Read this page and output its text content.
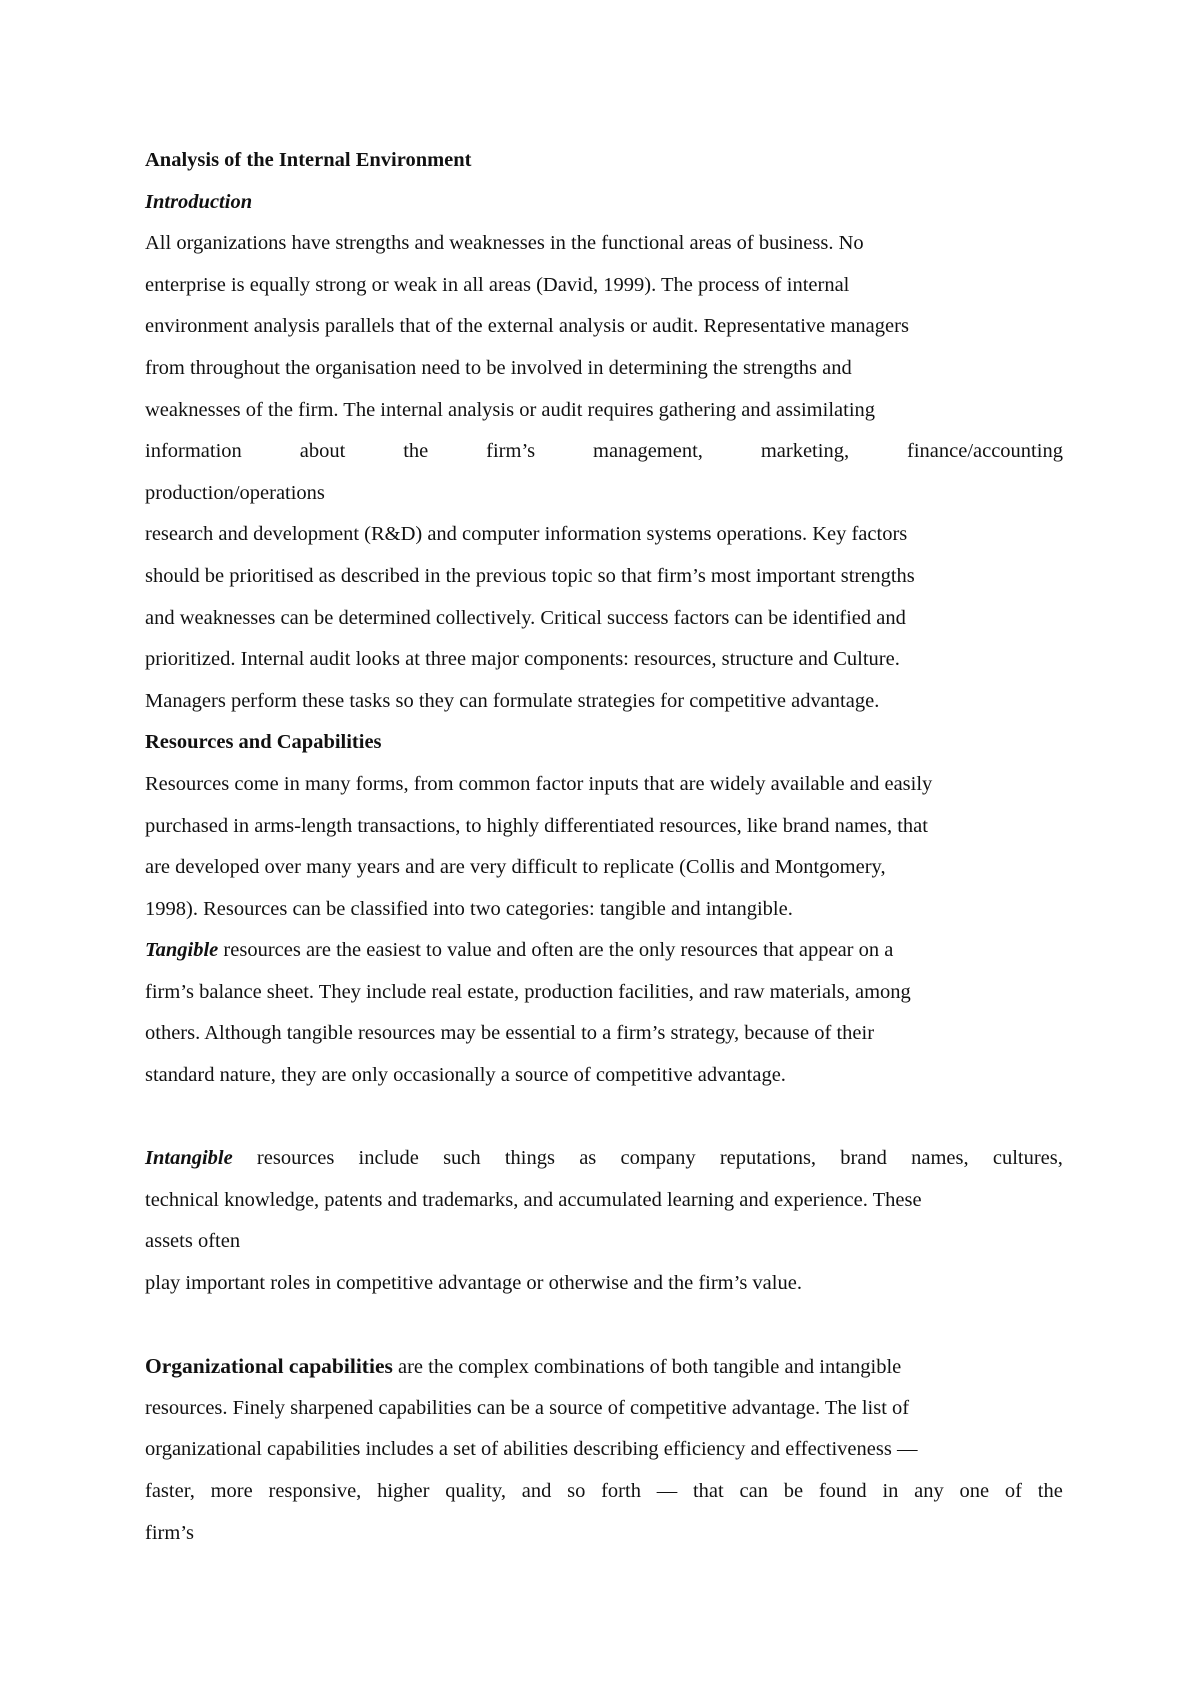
Analysis of the Internal Environment
Introduction
All organizations have strengths and weaknesses in the functional areas of business. No
enterprise is equally strong or weak in all areas (David, 1999). The process of internal
environment analysis parallels that of the external analysis or audit. Representative managers
from throughout the organisation need to be involved in determining the strengths and
weaknesses of the firm. The internal analysis or audit requires gathering and assimilating
information	about	the	firm’s	management,	marketing,	finance/accounting
production/operations
research and development (R&D) and computer information systems operations. Key factors
should be prioritised as described in the previous topic so that firm’s most important strengths
and weaknesses can be determined collectively. Critical success factors can be identified and
prioritized. Internal audit looks at three major components: resources, structure and Culture.
Managers perform these tasks so they can formulate strategies for competitive advantage.
Resources and Capabilities
Resources come in many forms, from common factor inputs that are widely available and easily
purchased in arms-length transactions, to highly differentiated resources, like brand names, that
are developed over many years and are very difficult to replicate (Collis and Montgomery,
1998). Resources can be classified into two categories: tangible and intangible.
Tangible resources are the easiest to value and often are the only resources that appear on a
firm’s balance sheet. They include real estate, production facilities, and raw materials, among
others. Although tangible resources may be essential to a firm’s strategy, because of their
standard nature, they are only occasionally a source of competitive advantage.
Intangible resources include such things as company reputations, brand names, cultures,
technical knowledge, patents and trademarks, and accumulated learning and experience. These
assets often
play important roles in competitive advantage or otherwise and the firm’s value.
Organizational capabilities are the complex combinations of both tangible and intangible
resources. Finely sharpened capabilities can be a source of competitive advantage. The list of
organizational capabilities includes a set of abilities describing efficiency and effectiveness —
faster, more responsive, higher quality, and so forth — that can be found in any one of the
firm’s
